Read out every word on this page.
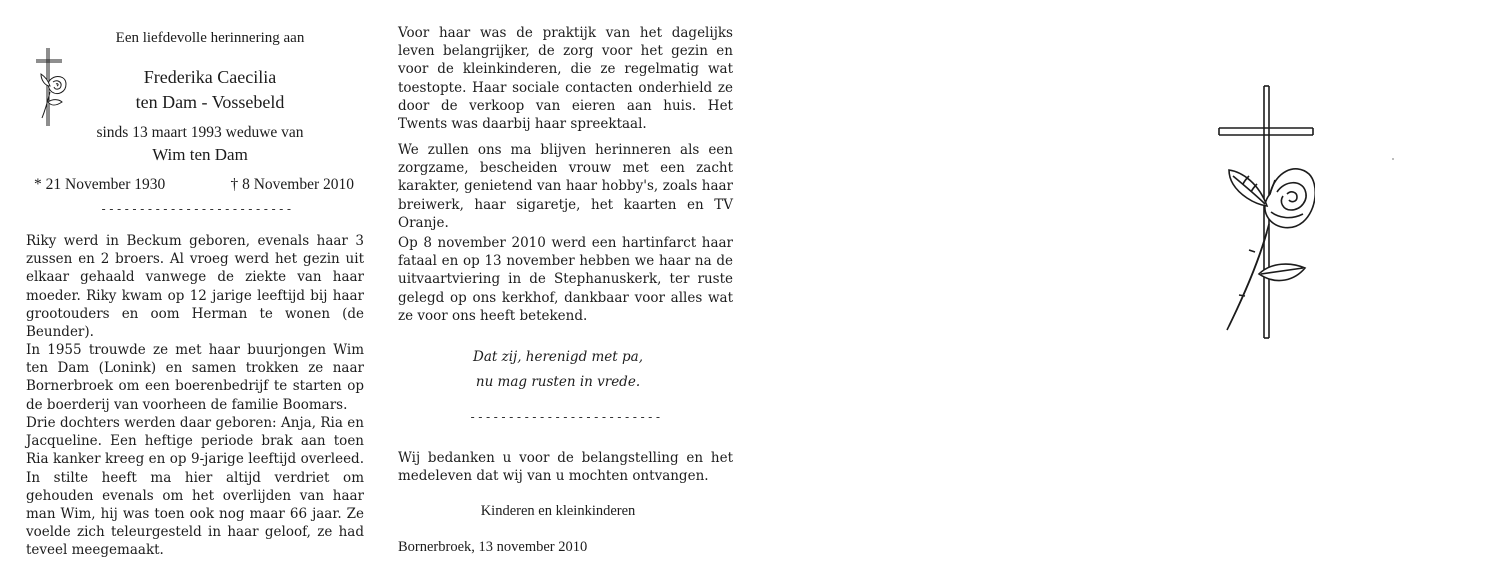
Een liefdevolle herinnering aan
Frederika Caecilia
ten Dam - Vossebeld
sinds 13 maart 1993 weduwe van
Wim ten Dam
* 21 November 1930	† 8 November 2010
-------------------------

Riky werd in Beckum geboren, evenals haar 3 zussen en 2 broers. Al vroeg werd het gezin uit elkaar gehaald vanwege de ziekte van haar moeder. Riky kwam op 12 jarige leeftijd bij haar grootouders en oom Herman te wonen (de Beunder).

In 1955 trouwde ze met haar buurjongen Wim ten Dam (Lonink) en samen trokken ze naar Bornerbroek om een boerenbedrijf te starten op de boerderij van voorheen de familie Boomars.

Drie dochters werden daar geboren: Anja, Ria en Jacqueline. Een heftige periode brak aan toen Ria kanker kreeg en op 9-jarige leeftijd overleed. In stilte heeft ma hier altijd verdriet om gehouden evenals om het overlijden van haar man Wim, hij was toen ook nog maar 66 jaar. Ze voelde zich teleurgesteld in haar geloof, ze had teveel meegemaakt.

Voor haar was de praktijk van het dagelijks leven belangrijker, de zorg voor het gezin en voor de kleinkinderen, die ze regelmatig wat toestopte. Haar sociale contacten onderhield ze door de verkoop van eieren aan huis. Het Twents was daarbij haar spreektaal.

We zullen ons ma blijven herinneren als een zorgzame, bescheiden vrouw met een zacht karakter, genietend van haar hobby's, zoals haar breiwerk, haar sigaretje, het kaarten en TV Oranje.

Op 8 november 2010 werd een hartinfarct haar fataal en op 13 november hebben we haar na de uitvaartviering in de Stephanuskerk, ter ruste gelegd op ons kerkhof, dankbaar voor alles wat ze voor ons heeft betekend.

Dat zij, herenigd met pa,
nu mag rusten in vrede.
-------------------------

Wij bedanken u voor de belangstelling en het medeleven dat wij van u mochten ontvangen.

Kinderen en kleinkinderen
Bornerbroek, 13 november 2010
